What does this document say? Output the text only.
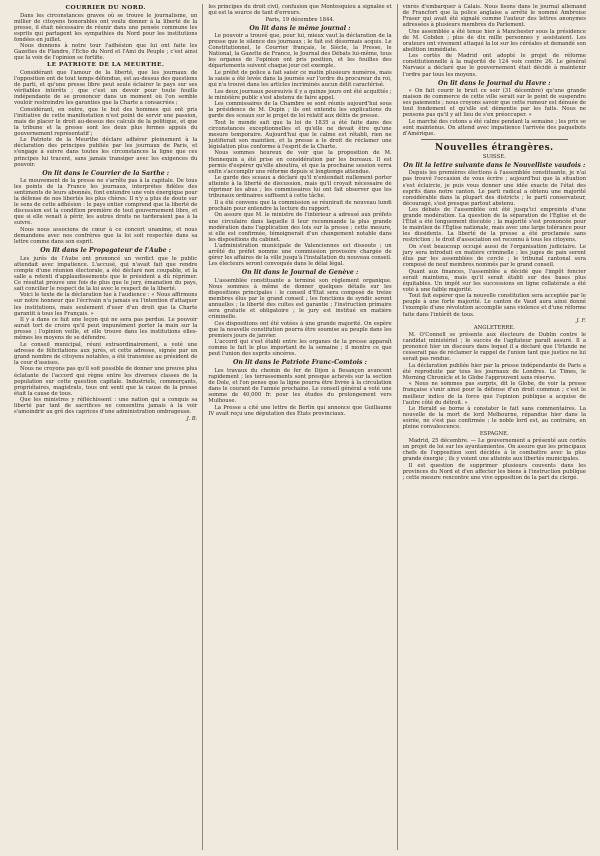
COURRIER DU NORD.
Dans les circonstances graves où se trouve le journalisme, un millier de citoyens honorables ont voulu donner à la liberté de la presse, il était nécessaire de réunir dans une pensée commune les esprits qui partagent les sympathies du Nord pour les institutions fondées en juillet.
Nous donnons à notre tour l'adhésion que lui ont faite les Gazettes de Flandre, l'Echo du Nord et l'Ami du Peuple ; c'est ainsi que la voix de l'opinion se fortifie.
LE PATRIOTE DE LA MEURTHE.
Considérant que l'amour de la liberté, que les journaux de l'opposition ont de tout temps défendue, est au-dessus des questions de parti, et qu'une presse libre peut seule éclairer le pays sur ses véritables intérêts ; que c'est un devoir pour toute feuille indépendante de se prononcer dans un moment où l'on semble vouloir restreindre les garanties que la Charte a consacrées ;
Considérant, en outre, que le but des hommes qui ont pris l'initiative de cette manifestation n'est point de servir une passion, mais de placer le droit au-dessus des calculs de la politique, et que la tribune et la presse sont les deux plus fermes appuis du gouvernement représentatif ;
Le Patriote de la Meurthe déclare adhérer pleinement à la déclaration des principes publiée par les journaux de Paris, et s'engage à suivre dans toutes les circonstances la ligne que ces principes lui tracent, sans jamais transiger avec les exigences du pouvoir.
On lit dans le Courrier de la Sarthe :
Le mouvement de la presse ne s'arrête pas à la capitale. De tous les points de la France les journaux, interprètes fidèles des sentiments de leurs abonnés, font entendre une voix énergique pour la défense de nos libertés les plus chères. Il n'y a plus de doute sur le sens de cette adhésion : le pays entier comprend que la liberté de discussion est la condition première de tout gouvernement libre, et que si elle venait à périr, les autres droits ne tarderaient pas à la suivre.
Nous nous associons de cœur à ce concert unanime, et nous demandons avec nos confrères que la loi soit respectée dans sa lettre comme dans son esprit.
On lit dans le Propagateur de l'Aube :
Les jurés de l'Aube ont prononcé un verdict que le public attendait avec impatience. L'accusé, qui n'avait fait que rendre compte d'une réunion électorale, a été déclaré non coupable, et la salle a retenti d'applaudissements que le président a dû réprimer. Ce résultat prouve une fois de plus que le jury, émanation du pays, sait concilier le respect de la loi avec le respect de la liberté.
Voici le texte de la déclaration lue à l'audience : « Nous affirmons sur notre honneur que l'écrivain n'a jamais eu l'intention d'attaquer les institutions, mais seulement d'user d'un droit que la Charte garantit à tous les Français. »
Il y a dans ce fait une leçon qui ne sera pas perdue. Le pouvoir aurait tort de croire qu'il peut impunément porter la main sur la presse ; l'opinion veille, et elle trouve dans les institutions elles-mêmes les moyens de se défendre.
Le conseil municipal, réuni extraordinairement, a voté une adresse de félicitations aux jurés, et cette adresse, signée par un grand nombre de citoyens notables, a été transmise au président de la cour d'assises.
Nous ne croyons pas qu'il soit possible de donner une preuve plus éclatante de l'accord qui règne entre les diverses classes de la population sur cette question capitale. Industriels, commerçants, propriétaires, magistrats, tous ont senti que la cause de la presse était la cause de tous.
Que les ministres y réfléchissent : une nation qui a conquis sa liberté par tant de sacrifices ne consentira jamais à la voir s'amoindrir au gré des caprices d'une administration ombrageuse.
J. B.
les principes du droit civil, confusion que Montesquieu a signalée et qui est la source de tant d'erreurs.
Paris, 19 décembre 1844.
On lit dans le même journal :
Le pouvoir a trouvé que, pour lui, mieux vaut la déclaration de la presse que le silence des journaux ; le fait est désormais acquis. Le Constitutionnel, le Courrier français, le Siècle, la Presse, le National, la Gazette de France, le Journal des Débats lui-même, tous les organes de l'opinion ont pris position, et les feuilles des départements suivent chaque jour cet exemple.
Le préfet de police a fait saisir ce matin plusieurs numéros, mais la saisie a été levée dans la journée sur l'ordre du procureur du roi, qui n'a trouvé dans les articles incriminés aucun délit caractérisé.
Les deux journaux poursuivis il y a quinze jours ont été acquittés ; le ministère public s'est abstenu de faire appel.
Les commissaires de la Chambre se sont réunis aujourd'hui sous la présidence de M. Dupin ; ils ont entendu les explications du garde des sceaux sur le projet de loi relatif aux délits de presse.
Tout le monde sait que la loi de 1835 a été faite dans des circonstances exceptionnelles et qu'elle ne devait être qu'une mesure temporaire. Aujourd'hui que le calme est rétabli, rien ne justifierait son maintien, et la presse a le droit de réclamer une législation plus conforme à l'esprit de la Charte.
Nous sommes heureux de voir que la proposition de M. Hennequin a été prise en considération par les bureaux. Il est permis d'espérer qu'elle aboutira, et que la prochaine session verra enfin s'accomplir une réforme depuis si longtemps attendue.
Le garde des sceaux a déclaré qu'il n'entendait nullement porter atteinte à la liberté de discussion, mais qu'il croyait nécessaire de réprimer les abus ; les commissaires lui ont fait observer que les tribunaux ordinaires suffisent à cette tâche.
Il a été convenu que la commission se réunirait de nouveau lundi prochain pour entendre la lecture du rapport.
On assure que M. le ministre de l'intérieur a adressé aux préfets une circulaire dans laquelle il leur recommande la plus grande modération dans l'application des lois sur la presse ; cette mesure, si elle est confirmée, témoignerait d'un changement notable dans les dispositions du cabinet.
L'administration municipale de Valenciennes est dissoute ; un arrêté du préfet nomme une commission provisoire chargée de gérer les affaires de la ville jusqu'à l'installation du nouveau conseil. Les électeurs seront convoqués dans le délai légal.
On lit dans le Journal de Genève :
L'assemblée constituante a terminé son règlement organique. Nous sommes à même de donner quelques détails sur les dispositions principales : le conseil d'État sera composé de treize membres élus par le grand conseil ; les fonctions de syndic seront annuelles ; la liberté des cultes est garantie ; l'instruction primaire sera gratuite et obligatoire ; le jury est institué en matière criminelle.
Ces dispositions ont été votées à une grande majorité. On espère que la nouvelle constitution pourra être soumise au peuple dans les premiers jours de janvier.
L'accord qui s'est établi entre les organes de la presse apparaît comme le fait le plus important de la semaine ; il montre ce que peut l'union des esprits sincères.
On lit dans le Patriote Franc-Comtois :
Les travaux du chemin de fer de Dijon à Besançon avancent rapidement ; les terrassements sont presque achevés sur la section de Dole, et l'on pense que la ligne pourra être livrée à la circulation dans le courant de l'année prochaine. Le conseil général a voté une somme de 40,000 fr. pour les études du prolongement vers Mulhouse.
La Presse a cité une lettre de Berlin qui annonce que Guillaume IV avait reçu une députation des États provinciaux.
vinrés d'embarquer à Calais. Nous lisons dans le journal allemand de Francfort que la police anglaise a arrêté le nommé Ambroise Fraser qui avait été signalé comme l'auteur des lettres anonymes adressées à plusieurs membres du Parlement.
Une assemblée a été tenue hier à Manchester sous la présidence de M. Cobden ; plus de dix mille personnes y assistaient. Les orateurs ont vivement attaqué la loi sur les céréales et demandé son abolition immédiate.
Les cortès de Madrid ont adopté le projet de réforme constitutionnelle à la majorité de 124 voix contre 26. Le général Narvaez a déclaré que le gouvernement était décidé à maintenir l'ordre par tous les moyens.
On lit dans le Journal du Havre :
« On fait courir le bruit ce soir (31 décembre) qu'une grande maison de commerce de cette ville serait sur le point de suspendre ses paiements ; nous croyons savoir que cette rumeur est dénuée de tout fondement et qu'elle est démentie par les faits. Nous ne pensons pas qu'il y ait lieu de s'en préoccuper. »
Le marché des cotons a été calme pendant la semaine ; les prix se sont maintenus. On attend avec impatience l'arrivée des paquebots d'Amérique.
Nouvelles étrangères.
SUISSE.
On lit la lettre suivante dans le Nouvelliste vaudois :
Depuis les premières élections à l'assemblée constituante, je n'ai pas trouvé l'occasion de vous écrire ; aujourd'hui que la situation s'est éclaircie, je puis vous donner une idée exacte de l'état des esprits dans notre canton. Le parti radical a obtenu une majorité considérable dans la plupart des districts ; le parti conservateur, découragé, s'est presque partout abstenu.
Les débats de l'assemblée ont été jusqu'ici empreints d'une grande modération. La question de la séparation de l'Église et de l'État a été longuement discutée ; la majorité s'est prononcée pour le maintien de l'Église nationale, mais avec une large tolérance pour les dissidents. La liberté de la presse a été proclamée sans restriction ; le droit d'association est reconnu à tous les citoyens.
On s'est beaucoup occupé aussi de l'organisation judiciaire. Le jury sera introduit en matière criminelle ; les juges de paix seront élus par les assemblées de cercle ; le tribunal cantonal sera composé de neuf membres nommés par le grand conseil.
Quant aux finances, l'assemblée a décidé que l'impôt foncier serait maintenu, mais qu'il serait établi sur des bases plus équitables. Un impôt sur les successions en ligne collatérale a été voté à une faible majorité.
Tout fait espérer que la nouvelle constitution sera acceptée par le peuple à une forte majorité. Le canton de Vaud aura ainsi donné l'exemple d'une révolution accomplie sans violence et d'une réforme faite dans l'intérêt de tous.
J. F.
ANGLETERRE.
M. O'Connell se présente aux électeurs de Dublin contre le candidat ministériel ; le succès de l'agitateur paraît assuré. Il a prononcé hier un discours dans lequel il a déclaré que l'Irlande ne cesserait pas de réclamer le rappel de l'union tant que justice ne lui serait pas rendue.
La déclaration publiée hier par la presse indépendante de Paris a été reproduite par tous les journaux de Londres. Le Times, le Morning Chronicle et le Globe l'approuvent sans réserve.
« Nous ne sommes pas surpris, dit le Globe, de voir la presse française s'unir ainsi pour la défense d'un droit commun ; c'est le meilleur indice de la force que l'opinion publique a acquise de l'autre côté du détroit. »
Le Herald se borne à constater le fait sans commentaires. La nouvelle de la mort de lord Melbourne, répandue hier dans la soirée, ne s'est pas confirmée ; le noble lord est, au contraire, en pleine convalescence.
ESPAGNE.
Madrid, 25 décembre. — Le gouvernement a présenté aux cortès un projet de loi sur les ayuntamientos. On assure que les principaux chefs de l'opposition sont décidés à le combattre avec la plus grande énergie ; ils y voient une atteinte aux libertés municipales.
Il est question de supprimer plusieurs couvents dans les provinces du Nord et d'en affecter les biens à l'instruction publique ; cette mesure rencontre une vive opposition de la part du clergé.
